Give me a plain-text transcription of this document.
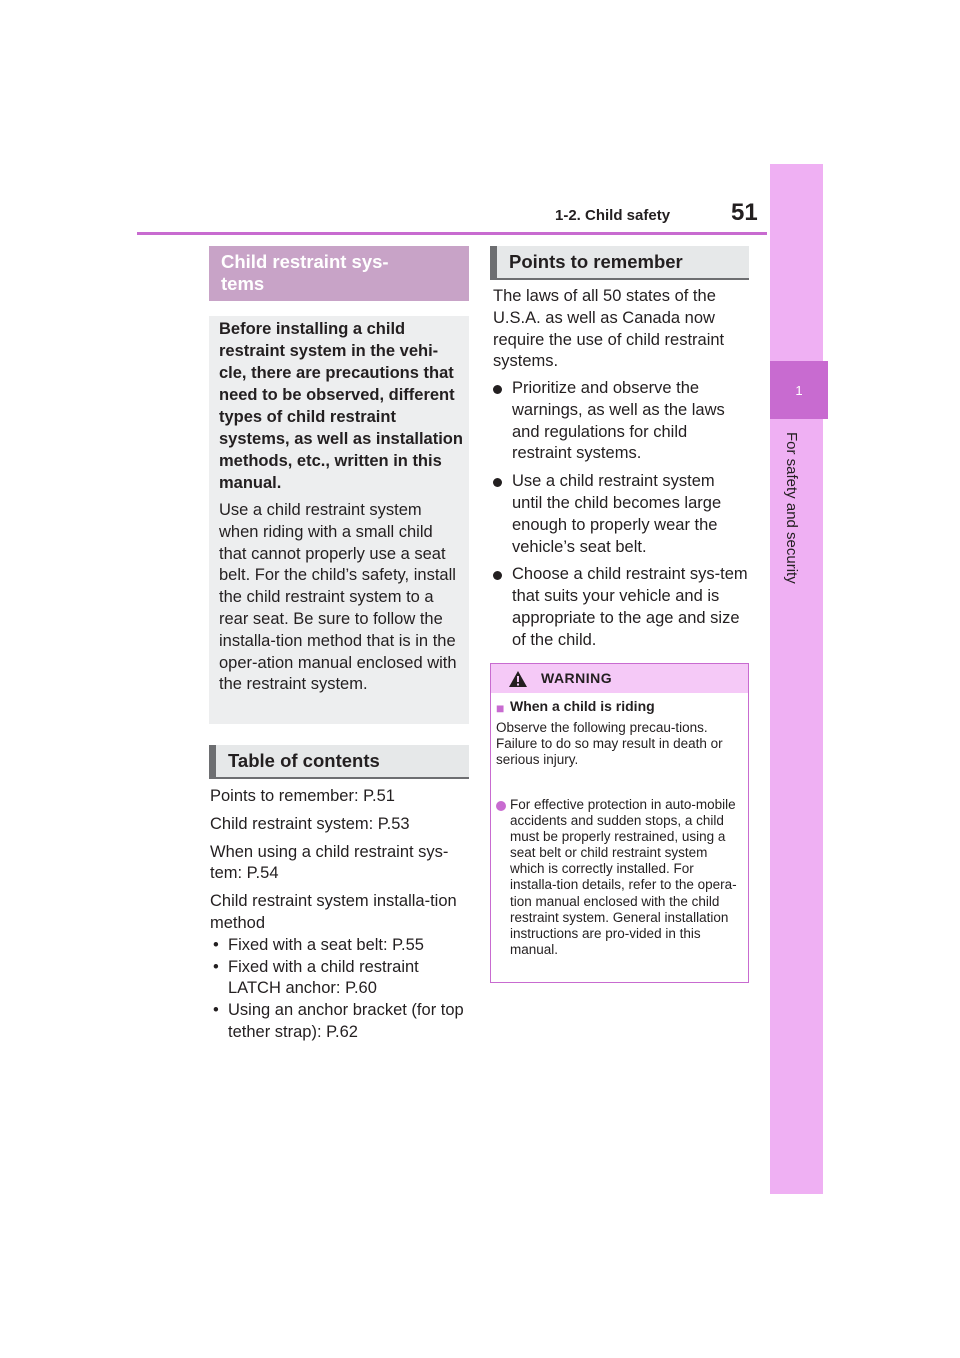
1-2. Child safety	51
1
For safety and security
Child restraint sys-
tems
Before installing a child restraint system in the vehi-cle, there are precautions that need to be observed, different types of child restraint systems, as well as installation methods, etc., written in this manual.
Use a child restraint system when riding with a small child that cannot properly use a seat belt. For the child’s safety, install the child restraint system to a rear seat. Be sure to follow the installa-tion method that is in the oper-ation manual enclosed with the restraint system.
Table of contents
Points to remember: P.51
Child restraint system: P.53
When using a child restraint sys-tem: P.54
Child restraint system installa-tion method
• Fixed with a seat belt: P.55
• Fixed with a child restraint LATCH anchor: P.60
• Using an anchor bracket (for top tether strap): P.62
Points to remember
The laws of all 50 states of the U.S.A. as well as Canada now require the use of child restraint systems.
Prioritize and observe the warnings, as well as the laws and regulations for child restraint systems.
Use a child restraint system until the child becomes large enough to properly wear the vehicle’s seat belt.
Choose a child restraint sys-tem that suits your vehicle and is appropriate to the age and size of the child.
WARNING
■ When a child is riding
Observe the following precau-tions.
Failure to do so may result in death or serious injury.
For effective protection in auto-mobile accidents and sudden stops, a child must be properly restrained, using a seat belt or child restraint system which is correctly installed. For installa-tion details, refer to the opera-tion manual enclosed with the child restraint system. General installation instructions are pro-vided in this manual.
